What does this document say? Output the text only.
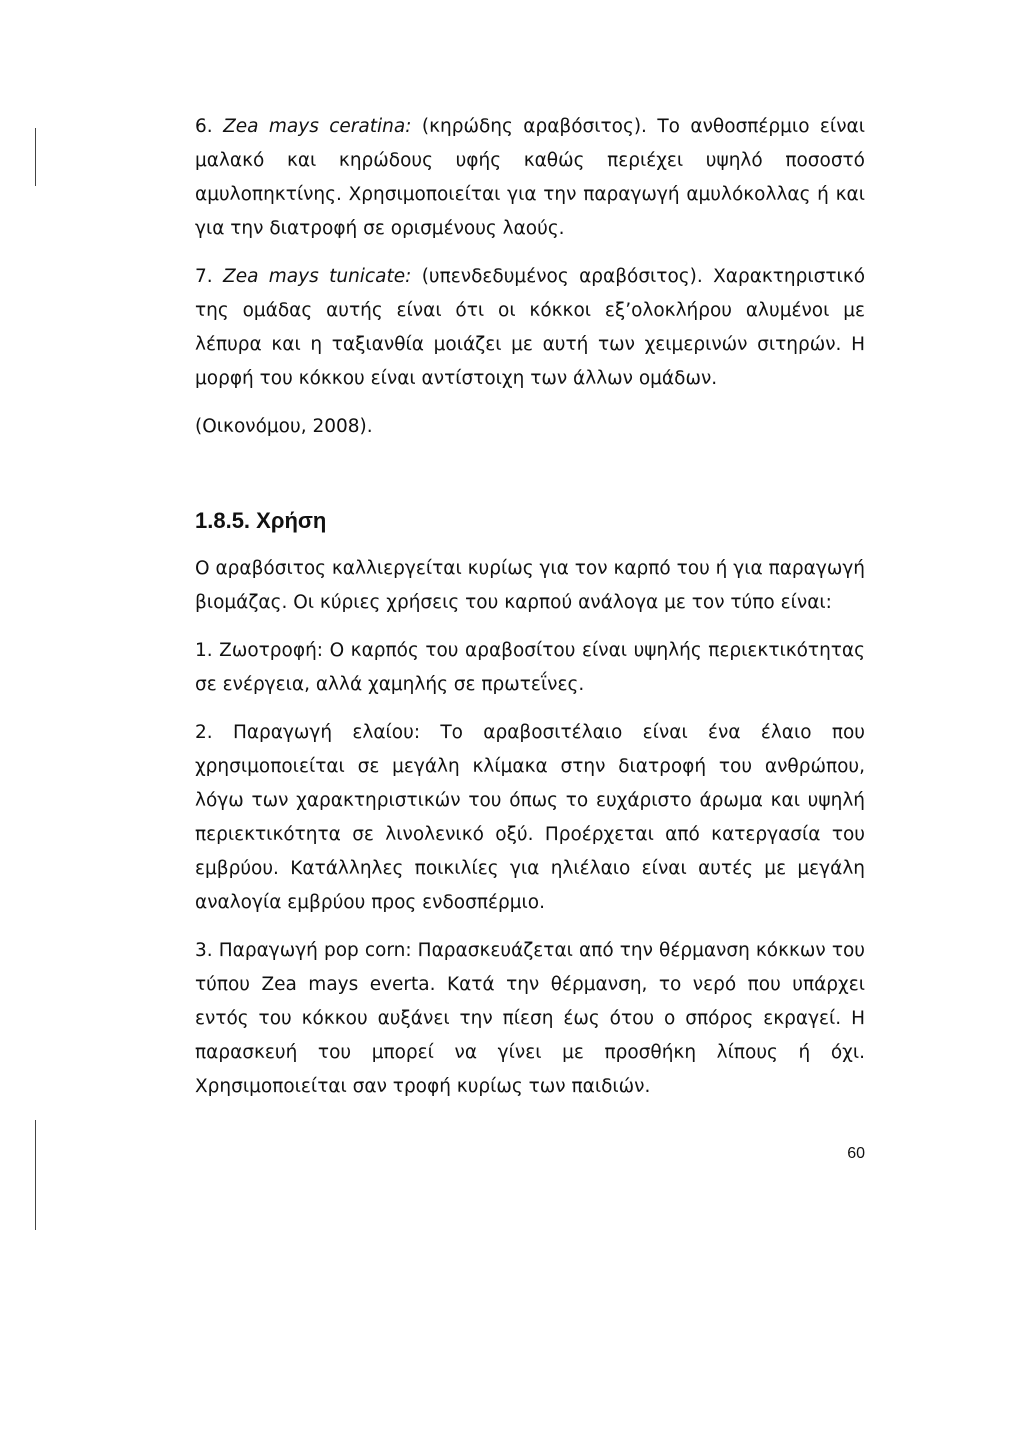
6. Zea mays ceratina: (κηρώδης αραβόσιτος). Το ανθοσπέρμιο είναι μαλακό και κηρώδους υφής καθώς περιέχει υψηλό ποσοστό αμυλοπηκτίνης. Χρησιμοποιείται για την παραγωγή αμυλόκολλας ή και για την διατροφή σε ορισμένους λαούς.

7. Zea mays tunicate: (υπενδεδυμένος αραβόσιτος). Χαρακτηριστικό της ομάδας αυτής είναι ότι οι κόκκοι εξ’ολοκλήρου αλυμένοι με λέπυρα και η ταξιανθία μοιάζει με αυτή των χειμερινών σιτηρών. Η μορφή του κόκκου είναι αντίστοιχη των άλλων ομάδων.

(Οικονόμου, 2008).

1.8.5. Χρήση

Ο αραβόσιτος καλλιεργείται κυρίως για τον καρπό του ή για παραγωγή βιομάζας. Οι κύριες χρήσεις του καρπού ανάλογα με τον τύπο είναι:

1. Ζωοτροφή: Ο καρπός του αραβοσίτου είναι υψηλής περιεκτικότητας σε ενέργεια, αλλά χαμηλής σε πρωτεΐνες.

2. Παραγωγή ελαίου: Το αραβοσιτέλαιο είναι ένα έλαιο που χρησιμοποιείται σε μεγάλη κλίμακα στην διατροφή του ανθρώπου, λόγω των χαρακτηριστικών του όπως το ευχάριστο άρωμα και υψηλή περιεκτικότητα σε λινολενικό οξύ. Προέρχεται από κατεργασία του εμβρύου. Κατάλληλες ποικιλίες για ηλιέλαιο είναι αυτές με μεγάλη αναλογία εμβρύου προς ενδοσπέρμιο.

3. Παραγωγή pop corn: Παρασκευάζεται από την θέρμανση κόκκων του τύπου Zea mays everta. Κατά την θέρμανση, το νερό που υπάρχει εντός του κόκκου αυξάνει την πίεση έως ότου ο σπόρος εκραγεί. Η παρασκευή του μπορεί να γίνει με προσθήκη λίπους ή όχι. Χρησιμοποιείται σαν τροφή κυρίως των παιδιών.

60
